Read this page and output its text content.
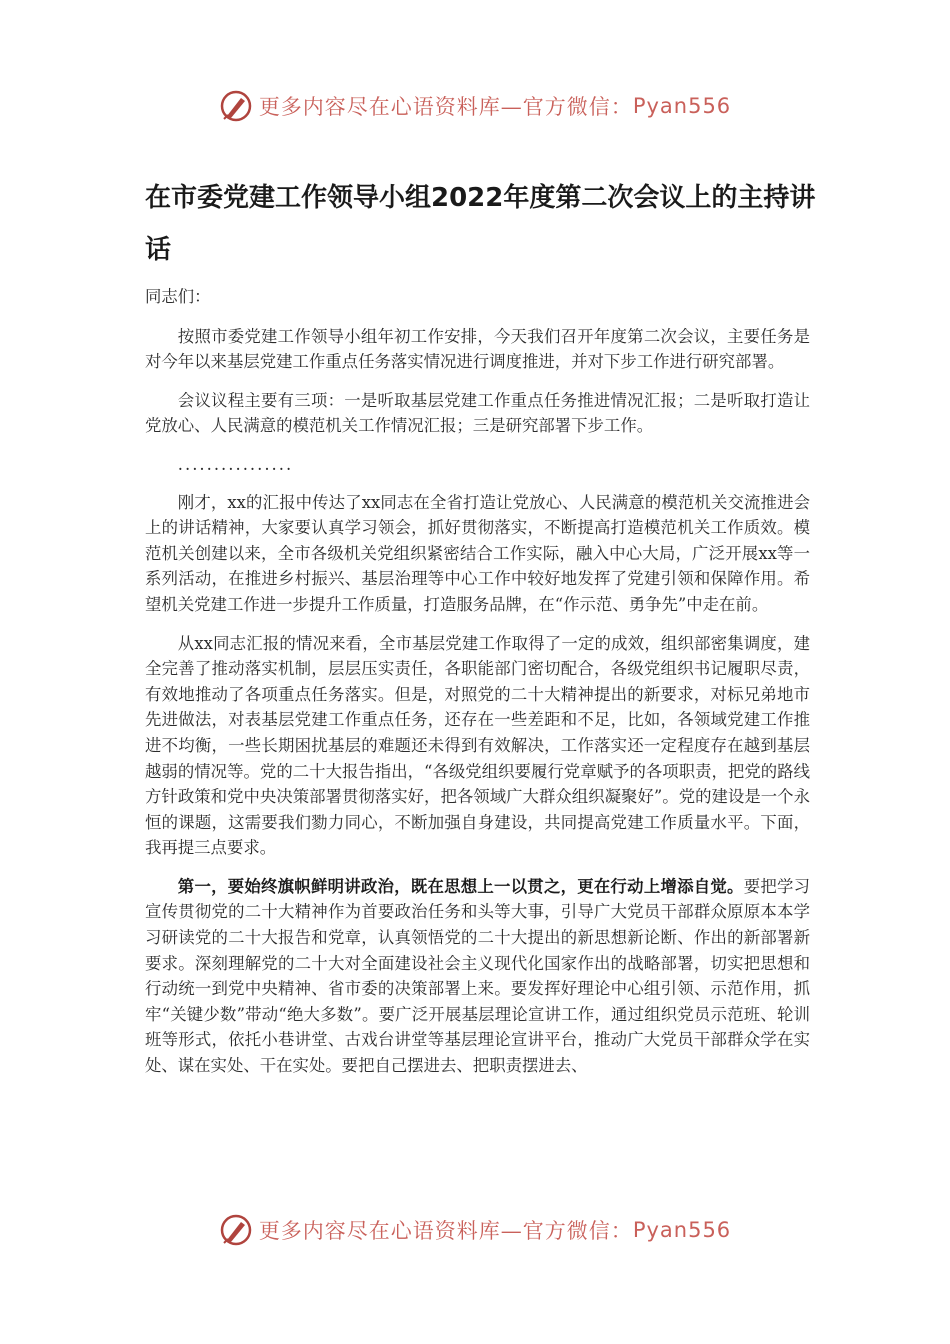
更多内容尽在心语资料库—官方微信： Pyan556
在市委党建工作领导小组2022年度第二次会议上的主持讲话

同志们：

按照市委党建工作领导小组年初工作安排，今天我们召开年度第二次会议，主要任务是对今年以来基层党建工作重点任务落实情况进行调度推进，并对下步工作进行研究部署。

会议议程主要有三项：一是听取基层党建工作重点任务推进情况汇报；二是听取打造让党放心、人民满意的模范机关工作情况汇报；三是研究部署下步工作。

................

刚才，xx的汇报中传达了xx同志在全省打造让党放心、人民满意的模范机关交流推进会上的讲话精神，大家要认真学习领会，抓好贯彻落实，不断提高打造模范机关工作质效。模范机关创建以来，全市各级机关党组织紧密结合工作实际，融入中心大局，广泛开展xx等一系列活动，在推进乡村振兴、基层治理等中心工作中较好地发挥了党建引领和保障作用。希望机关党建工作进一步提升工作质量，打造服务品牌，在“作示范、勇争先”中走在前。

从xx同志汇报的情况来看，全市基层党建工作取得了一定的成效，组织部密集调度，建全完善了推动落实机制，层层压实责任，各职能部门密切配合，各级党组织书记履职尽责，有效地推动了各项重点任务落实。但是，对照党的二十大精神提出的新要求，对标兄弟地市先进做法，对表基层党建工作重点任务，还存在一些差距和不足，比如，各领域党建工作推进不均衡，一些长期困扰基层的难题还未得到有效解决，工作落实还一定程度存在越到基层越弱的情况等。党的二十大报告指出，“各级党组织要履行党章赋予的各项职责，把党的路线方针政策和党中央决策部署贯彻落实好，把各领域广大群众组织凝聚好”。党的建设是一个永恒的课题，这需要我们勠力同心，不断加强自身建设，共同提高党建工作质量水平。下面，我再提三点要求。

第一，要始终旗帜鲜明讲政治，既在思想上一以贯之，更在行动上增添自觉。要把学习宣传贯彻党的二十大精神作为首要政治任务和头等大事，引导广大党员干部群众原原本本学习研读党的二十大报告和党章，认真领悟党的二十大提出的新思想新论断、作出的新部署新要求。深刻理解党的二十大对全面建设社会主义现代化国家作出的战略部署，切实把思想和行动统一到党中央精神、省市委的决策部署上来。要发挥好理论中心组引领、示范作用，抓牢“关键少数”带动“绝大多数”。要广泛开展基层理论宣讲工作，通过组织党员示范班、轮训班等形式，依托小巷讲堂、古戏台讲堂等基层理论宣讲平台，推动广大党员干部群众学在实处、谋在实处、干在实处。要把自己摆进去、把职责摆进去、

更多内容尽在心语资料库—官方微信： Pyan556
